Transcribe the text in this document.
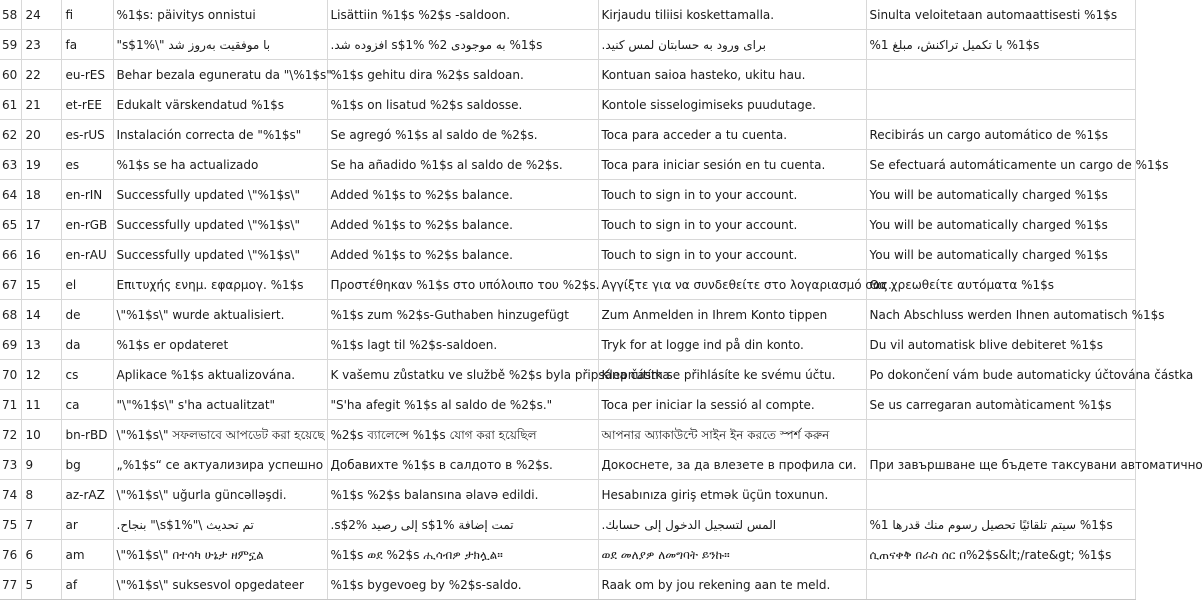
58	24	fi	%1$s: päivitys onnistui	Lisättiin %1$s %2$s -saldoon.	Kirjaudu tiliisi koskettamalla.	Sinulta veloitetaan automaattisesti %1$s
59	23	fa	با موفقیت به‌روز شد "\%1$s"	%1$s به موجودی 2% %1$s افزوده شد.	برای ورود به حسابتان لمس کنید.	%1$s با تکمیل تراکنش، مبلغ 1%
60	22	eu-rES	Behar bezala eguneratu da "\%1$s"	%1$s gehitu dira %2$s saldoan.	Kontuan saioa hasteko, ukitu hau.	
61	21	et-rEE	Edukalt värskendatud %1$s	%1$s on lisatud %2$s saldosse.	Kontole sisselogimiseks puudutage.	
62	20	es-rUS	Instalación correcta de "%1$s"	Se agregó %1$s al saldo de %2$s.	Toca para acceder a tu cuenta.	Recibirás un cargo automático de %1$s
63	19	es	%1$s se ha actualizado	Se ha añadido %1$s al saldo de %2$s.	Toca para iniciar sesión en tu cuenta.	Se efectuará automáticamente un cargo de %1$s
64	18	en-rIN	Successfully updated \"%1$s\"	Added %1$s to %2$s balance.	Touch to sign in to your account.	You will be automatically charged %1$s
65	17	en-rGB	Successfully updated \"%1$s\"	Added %1$s to %2$s balance.	Touch to sign in to your account.	You will be automatically charged %1$s
66	16	en-rAU	Successfully updated \"%1$s\"	Added %1$s to %2$s balance.	Touch to sign in to your account.	You will be automatically charged %1$s
67	15	el	Επιτυχής ενημ. εφαρμογ. %1$s	Προστέθηκαν %1$s στο υπόλοιπο του %2$s.	Αγγίξτε για να συνδεθείτε στο λογαριασμό σας.	Θα χρεωθείτε αυτόματα %1$s
68	14	de	\"%1$s\" wurde aktualisiert.	%1$s zum %2$s-Guthaben hinzugefügt	Zum Anmelden in Ihrem Konto tippen	Nach Abschluss werden Ihnen automatisch %1$s
69	13	da	%1$s er opdateret	%1$s lagt til %2$s-saldoen.	Tryk for at logge ind på din konto.	Du vil automatisk blive debiteret %1$s
70	12	cs	Aplikace %1$s aktualizována.	K vašemu zůstatku ve službě %2$s byla připsána částka	Klepnutím se přihlásíte ke svému účtu.	Po dokončení vám bude automaticky účtována částka
71	11	ca	"\"%1$s\" s'ha actualitzat"	"S'ha afegit %1$s al saldo de %2$s."	Toca per iniciar la sessió al compte.	Se us carregaran automàticament %1$s
72	10	bn-rBD	\"%1$s\" সফলভাবে আপডেট করা হয়েছে	%2$s ব্যালেন্সে %1$s যোগ করা হয়েছিল	আপনার অ্যাকাউন্টে সাইন ইন করতে স্পর্শ করুন	
73	9	bg	„%1$s“ се актуализира успешно	Добавихте %1$s в салдото в %2$s.	Докоснете, за да влезете в профила си.	При завършване ще бъдете таксувани автоматично
74	8	az-rAZ	\"%1$s\" uğurla güncəlləşdi.	%1$s %2$s balansına əlavə edildi.	Hesabınıza giriş etmək üçün toxunun.	
75	7	ar	تم تحديث \"%1$s\" بنجاح.	تمت إضافة %1$s إلى رصيد %2$s.	المس لتسجيل الدخول إلى حسابك.	%1$s سيتم تلقائيًا تحصيل رسوم منك قدرها 1%
76	6	am	\"%1$s\" በተሳካ ሁኔታ ዘምኗል	%1$s ወደ %2$s ሒሳብዎ ታክሏል።	ወደ መለያዎ ለመግባት ይንኩ።	ሲጠናቀቅ በራስ ሰር በ%2$s&lt;/rate&gt; %1$s
77	5	af	\"%1$s\" suksesvol opgedateer	%1$s bygevoeg by %2$s-saldo.	Raak om by jou rekening aan te meld.	
